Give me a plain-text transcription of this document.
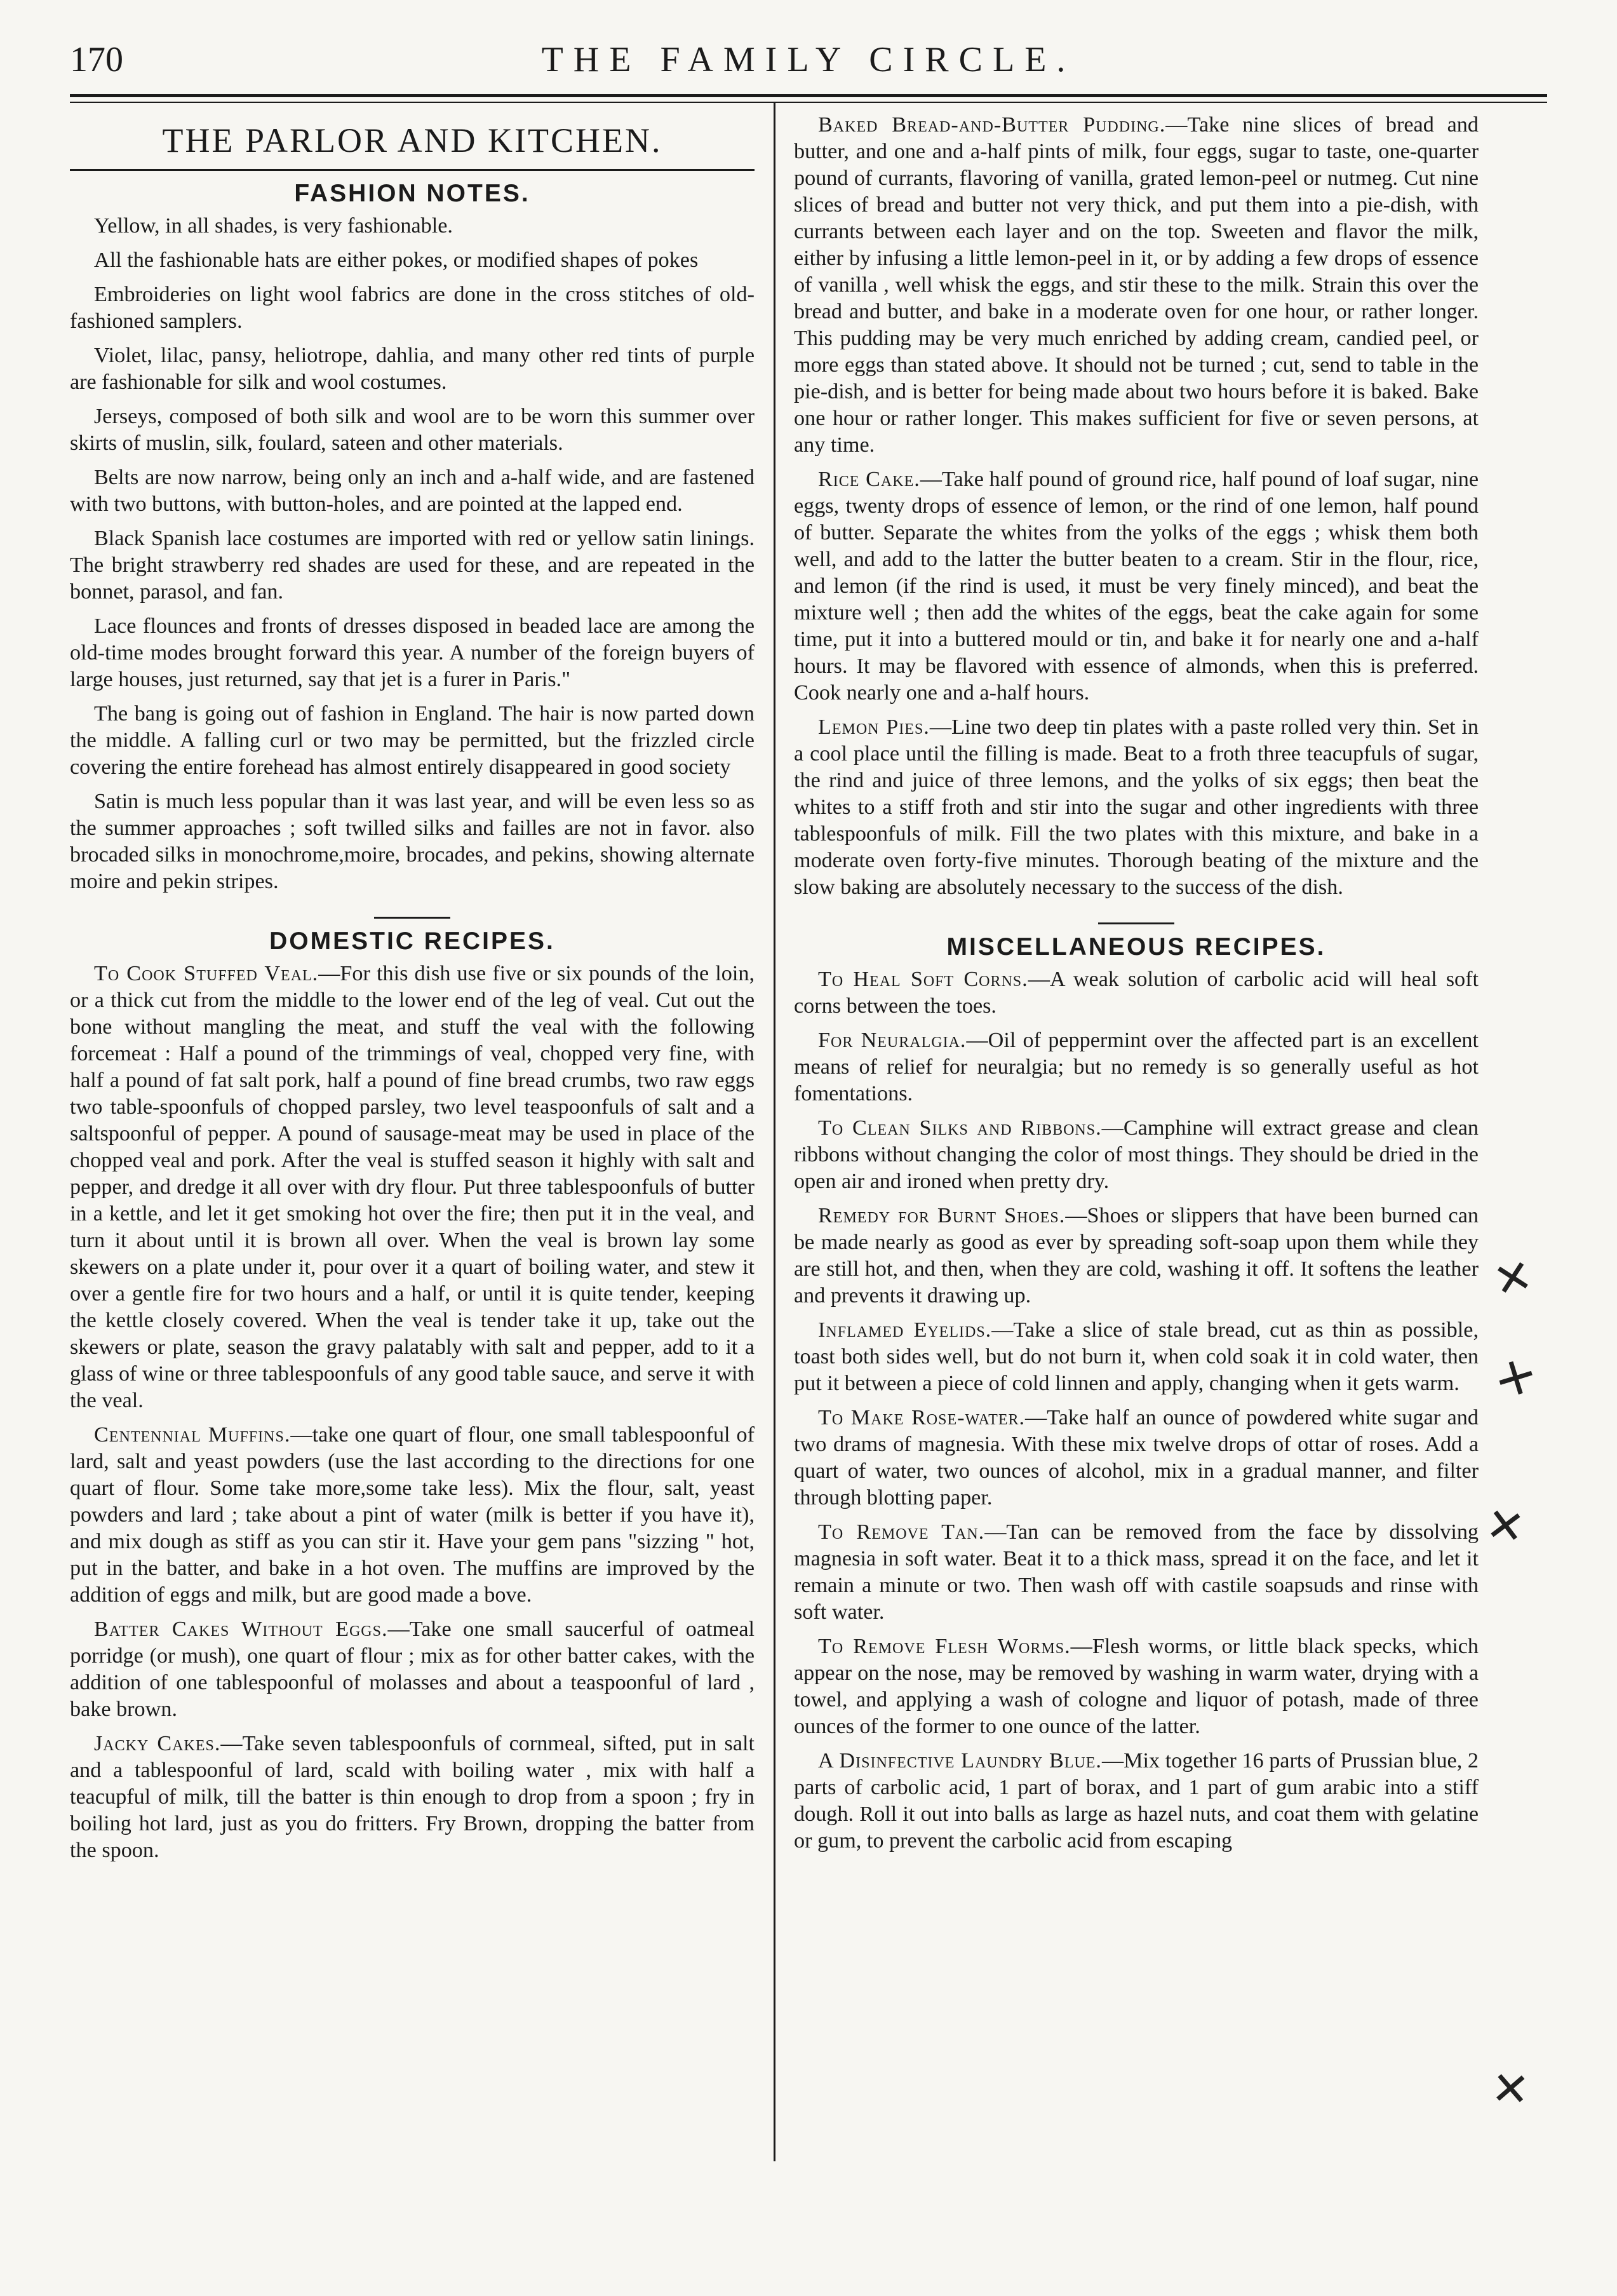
170	THE FAMILY CIRCLE.
THE PARLOR AND KITCHEN.
FASHION NOTES.

Yellow, in all shades, is very fashionable.

All the fashionable hats are either pokes, or modified shapes of pokes

Embroideries on light wool fabrics are done in the cross stitches of old-fashioned samplers.

Violet, lilac, pansy, heliotrope, dahlia, and many other red tints of purple are fashionable for silk and wool costumes.

Jerseys, composed of both silk and wool are to be worn this summer over skirts of muslin, silk, foulard, sateen and other materials.

Belts are now narrow, being only an inch and a-half wide, and are fastened with two buttons, with button-holes, and are pointed at the lapped end.

Black Spanish lace costumes are imported with red or yellow satin linings. The bright strawberry red shades are used for these, and are repeated in the bonnet, parasol, and fan.

Lace flounces and fronts of dresses disposed in beaded lace are among the old-time modes brought forward this year. A number of the foreign buyers of large houses, just returned, say that jet is a furer in Paris."

The bang is going out of fashion in England. The hair is now parted down the middle. A falling curl or two may be permitted, but the frizzled circle covering the entire forehead has almost entirely disappeared in good society

Satin is much less popular than it was last year, and will be even less so as the summer approaches ; soft twilled silks and failles are not in favor. also brocaded silks in monochrome,moire, brocades, and pekins, showing alternate moire and pekin stripes.

DOMESTIC RECIPES.

To Cook Stuffed Veal.—For this dish use five or six pounds of the loin, or a thick cut from the middle to the lower end of the leg of veal. Cut out the bone without mangling the meat, and stuff the veal with the following forcemeat : Half a pound of the trimmings of veal, chopped very fine, with half a pound of fat salt pork, half a pound of fine bread crumbs, two raw eggs two table-spoonfuls of chopped parsley, two level teaspoonfuls of salt and a saltspoonful of pepper. A pound of sausage-meat may be used in place of the chopped veal and pork. After the veal is stuffed season it highly with salt and pepper, and dredge it all over with dry flour. Put three tablespoonfuls of butter in a kettle, and let it get smoking hot over the fire; then put it in the veal, and turn it about until it is brown all over. When the veal is brown lay some skewers on a plate under it, pour over it a quart of boiling water, and stew it over a gentle fire for two hours and a half, or until it is quite tender, keeping the kettle closely covered. When the veal is tender take it up, take out the skewers or plate, season the gravy palatably with salt and pepper, add to it a glass of wine or three tablespoonfuls of any good table sauce, and serve it with the veal.

Centennial Muffins.—take one quart of flour, one small tablespoonful of lard, salt and yeast powders (use the last according to the directions for one quart of flour. Some take more,some take less). Mix the flour, salt, yeast powders and lard ; take about a pint of water (milk is better if you have it), and mix dough as stiff as you can stir it. Have your gem pans "sizzing " hot, put in the batter, and bake in a hot oven. The muffins are improved by the addition of eggs and milk, but are good made a bove.

Batter Cakes Without Eggs.—Take one small saucerful of oatmeal porridge (or mush), one quart of flour ; mix as for other batter cakes, with the addition of one tablespoonful of molasses and about a teaspoonful of lard , bake brown.

Jacky Cakes.—Take seven tablespoonfuls of cornmeal, sifted, put in salt and a tablespoonful of lard, scald with boiling water , mix with half a teacupful of milk, till the batter is thin enough to drop from a spoon ; fry in boiling hot lard, just as you do fritters. Fry Brown, dropping the batter from the spoon.

Baked Bread-and-Butter Pudding.—Take nine slices of bread and butter, and one and a-half pints of milk, four eggs, sugar to taste, one-quarter pound of currants, flavoring of vanilla, grated lemon-peel or nutmeg. Cut nine slices of bread and butter not very thick, and put them into a pie-dish, with currants between each layer and on the top. Sweeten and flavor the milk, either by infusing a little lemon-peel in it, or by adding a few drops of essence of vanilla , well whisk the eggs, and stir these to the milk. Strain this over the bread and butter, and bake in a moderate oven for one hour, or rather longer. This pudding may be very much enriched by adding cream, candied peel, or more eggs than stated above. It should not be turned ; cut, send to table in the pie-dish, and is better for being made about two hours before it is baked. Bake one hour or rather longer. This makes sufficient for five or seven persons, at any time.

Rice Cake.—Take half pound of ground rice, half pound of loaf sugar, nine eggs, twenty drops of essence of lemon, or the rind of one lemon, half pound of butter. Separate the whites from the yolks of the eggs ; whisk them both well, and add to the latter the butter beaten to a cream. Stir in the flour, rice, and lemon (if the rind is used, it must be very finely minced), and beat the mixture well ; then add the whites of the eggs, beat the cake again for some time, put it into a buttered mould or tin, and bake it for nearly one and a-half hours. It may be flavored with essence of almonds, when this is preferred. Cook nearly one and a-half hours.

Lemon Pies.—Line two deep tin plates with a paste rolled very thin. Set in a cool place until the filling is made. Beat to a froth three teacupfuls of sugar, the rind and juice of three lemons, and the yolks of six eggs; then beat the whites to a stiff froth and stir into the sugar and other ingredients with three tablespoonfuls of milk. Fill the two plates with this mixture, and bake in a moderate oven forty-five minutes. Thorough beating of the mixture and the slow baking are absolutely necessary to the success of the dish.

MISCELLANEOUS RECIPES.

To Heal Soft Corns.—A weak solution of carbolic acid will heal soft corns between the toes.

For Neuralgia.—Oil of peppermint over the affected part is an excellent means of relief for neuralgia; but no remedy is so generally useful as hot fomentations.

To Clean Silks and Ribbons.—Camphine will extract grease and clean ribbons without changing the color of most things. They should be dried in the open air and ironed when pretty dry.

Remedy for Burnt Shoes.—Shoes or slippers that have been burned can be made nearly as good as ever by spreading soft-soap upon them while they are still hot, and then, when they are cold, washing it off. It softens the leather and prevents it drawing up.

Inflamed Eyelids.—Take a slice of stale bread, cut as thin as possible, toast both sides well, but do not burn it, when cold soak it in cold water, then put it between a piece of cold linnen and apply, changing when it gets warm.

To Make Rose-water.—Take half an ounce of powdered white sugar and two drams of magnesia. With these mix twelve drops of ottar of roses. Add a quart of water, two ounces of alcohol, mix in a gradual manner, and filter through blotting paper.

To Remove Tan.—Tan can be removed from the face by dissolving magnesia in soft water. Beat it to a thick mass, spread it on the face, and let it remain a minute or two. Then wash off with castile soapsuds and rinse with soft water.

To Remove Flesh Worms.—Flesh worms, or little black specks, which appear on the nose, may be removed by washing in warm water, drying with a towel, and applying a wash of cologne and liquor of potash, made of three ounces of the former to one ounce of the latter.

A Disinfective Laundry Blue.—Mix together 16 parts of Prussian blue, 2 parts of carbolic acid, 1 part of borax, and 1 part of gum arabic into a stiff dough. Roll it out into balls as large as hazel nuts, and coat them with gelatine or gum, to prevent the carbolic acid from escaping

✕
✕
✕
✕
